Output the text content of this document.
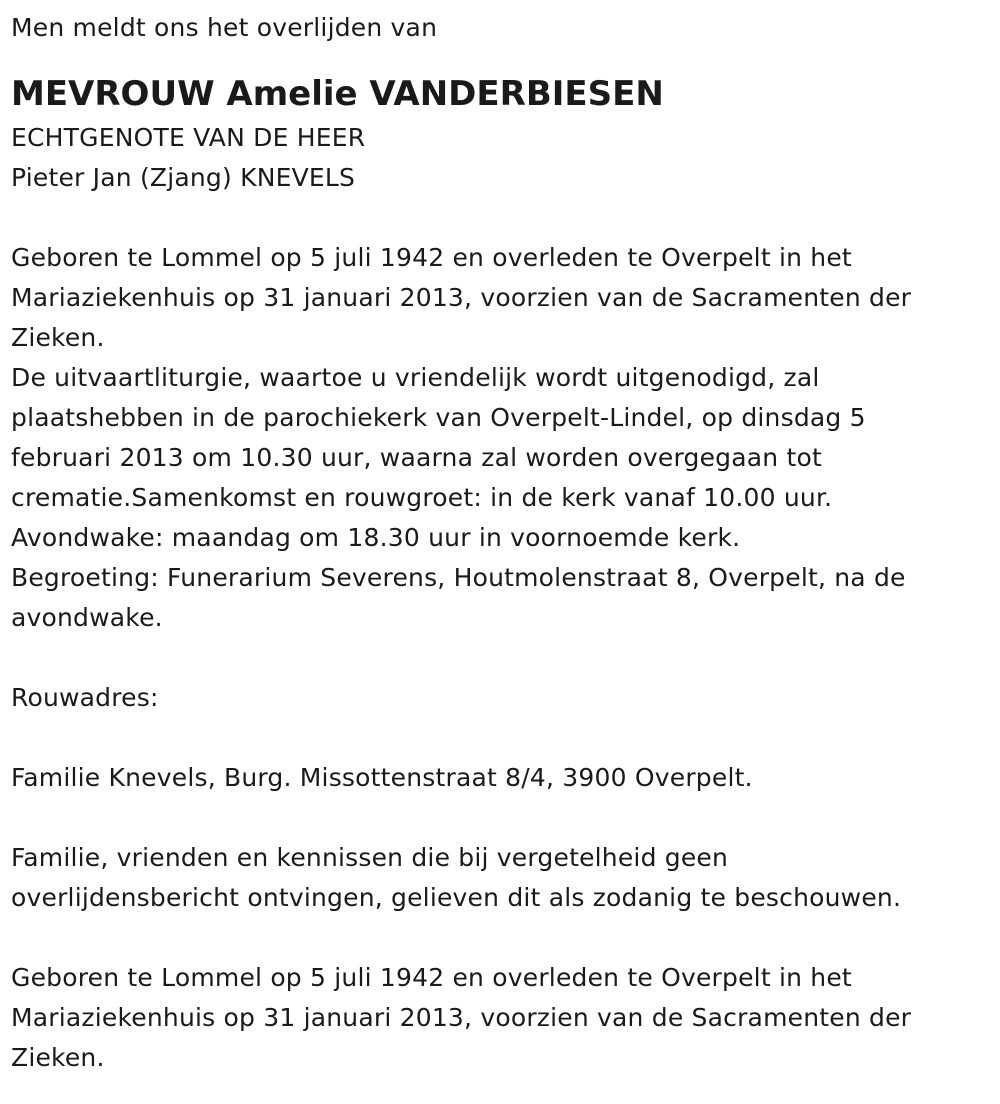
Men meldt ons het overlijden van
MEVROUW Amelie VANDERBIESEN
ECHTGENOTE VAN DE HEER
Pieter Jan (Zjang) KNEVELS
Geboren te Lommel op 5 juli 1942 en overleden te Overpelt in het
Mariaziekenhuis op 31 januari 2013, voorzien van de Sacramenten der
Zieken.
De uitvaartliturgie, waartoe u vriendelijk wordt uitgenodigd, zal
plaatshebben in de parochiekerk van Overpelt-Lindel, op dinsdag 5
februari 2013 om 10.30 uur, waarna zal worden overgegaan tot
crematie.Samenkomst en rouwgroet: in de kerk vanaf 10.00 uur.
Avondwake: maandag om 18.30 uur in voornoemde kerk.
Begroeting: Funerarium Severens, Houtmolenstraat 8, Overpelt, na de
avondwake.
Rouwadres:
Familie Knevels, Burg. Missottenstraat 8/4, 3900 Overpelt.
Familie, vrienden en kennissen die bij vergetelheid geen
overlijdensbericht ontvingen, gelieven dit als zodanig te beschouwen.
Geboren te Lommel op 5 juli 1942 en overleden te Overpelt in het
Mariaziekenhuis op 31 januari 2013, voorzien van de Sacramenten der
Zieken.
